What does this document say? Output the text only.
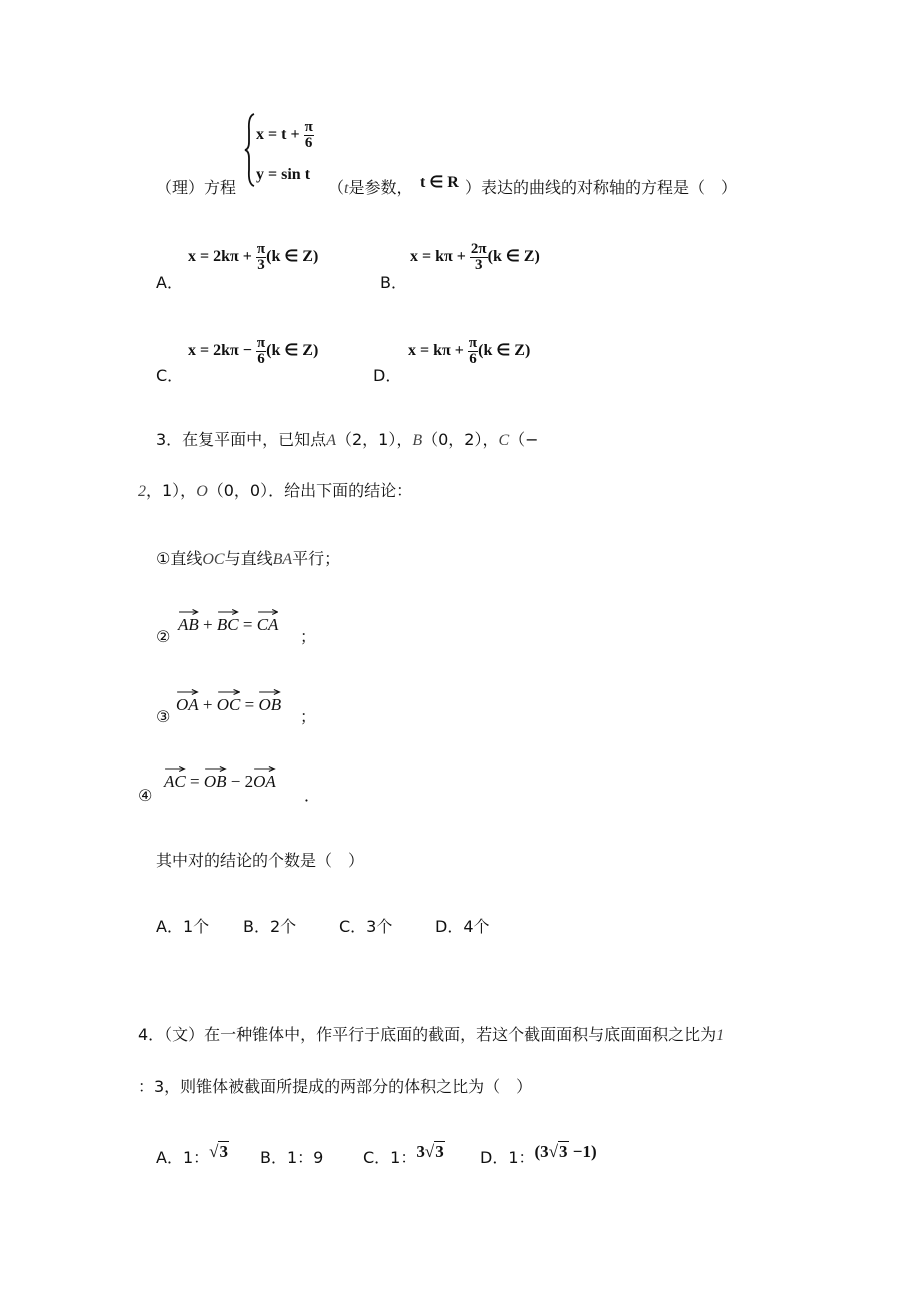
（理）方程
$x = t + \frac{\pi}{6}$
y = sin t
（t是参数， t ∈ R ）表达的曲线的对称轴的方程是（　）
A．
$x = 2k\pi + \frac{\pi}{3} (k$ ∈ Z)
B．
$x = k\pi + \frac{2\pi}{3} (k$ ∈ Z)
C．
$x = 2k\pi - \frac{\pi}{6} (k$ ∈ Z)
D．
$x = k\pi + \frac{\pi}{6} (k$ ∈ Z)
3．在复平面中，已知点A（2，1），B（0，2），C（−
2，1），O（0，0）．给出下面的结论：
①直线OC与直线BA平行；
②
AB +
BC =
CA
；
③
OA +
OC =
OB
；
④
AC =
OB − 2
OA
．
其中对的结论的个数是（　）
A．1个 B．2个	C．3个	D．4个
4．（文）在一种锥体中，作平行于底面的截面，若这个截面面积与底面面积之比为1
：3，则锥体被截面所提成的两部分的体积之比为（　）
A．1：√3 B．1：9 C．1：3√3 D．1：(3√3 −1)
